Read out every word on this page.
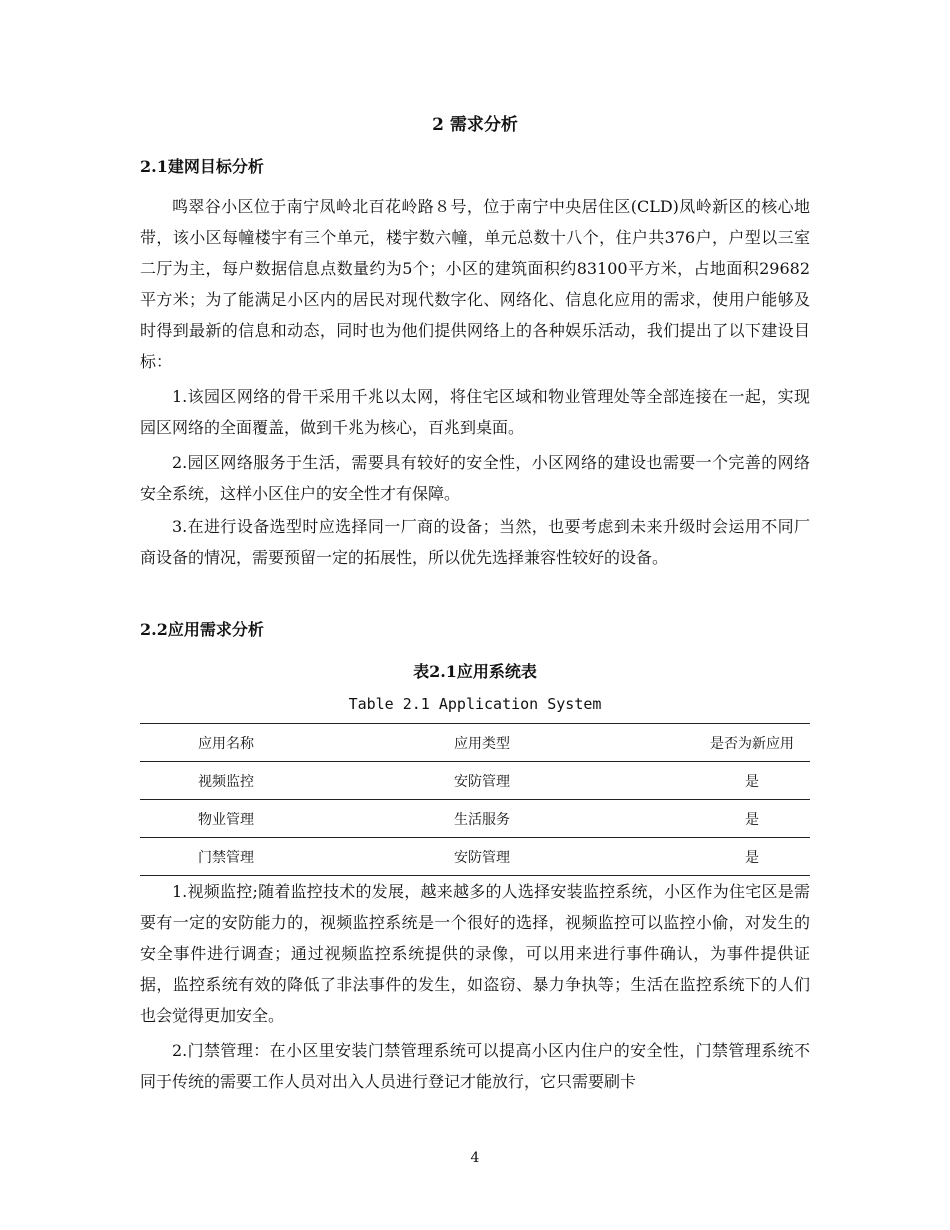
2 需求分析
2.1建网目标分析

鸣翠谷小区位于南宁凤岭北百花岭路８号，位于南宁中央居住区(CLD)凤岭新区的核心地带，该小区每幢楼宇有三个单元，楼宇数六幢，单元总数十八个，住户共376户，户型以三室二厅为主，每户数据信息点数量约为5个；小区的建筑面积约83100平方米，占地面积29682平方米；为了能满足小区内的居民对现代数字化、网络化、信息化应用的需求，使用户能够及时得到最新的信息和动态，同时也为他们提供网络上的各种娱乐活动，我们提出了以下建设目标：

1.该园区网络的骨干采用千兆以太网，将住宅区域和物业管理处等全部连接在一起，实现园区网络的全面覆盖，做到千兆为核心，百兆到桌面。

2.园区网络服务于生活，需要具有较好的安全性，小区网络的建设也需要一个完善的网络安全系统，这样小区住户的安全性才有保障。

3.在进行设备选型时应选择同一厂商的设备；当然，也要考虑到未来升级时会运用不同厂商设备的情况，需要预留一定的拓展性，所以优先选择兼容性较好的设备。

2.2应用需求分析
表2.1应用系统表
Table 2.1 Application System
应用名称	应用类型	是否为新应用
视频监控	安防管理	是
物业管理	生活服务	是
门禁管理	安防管理	是

1.视频监控;随着监控技术的发展，越来越多的人选择安装监控系统，小区作为住宅区是需要有一定的安防能力的，视频监控系统是一个很好的选择，视频监控可以监控小偷，对发生的安全事件进行调查；通过视频监控系统提供的录像，可以用来进行事件确认，为事件提供证据，监控系统有效的降低了非法事件的发生，如盗窃、暴力争执等；生活在监控系统下的人们也会觉得更加安全。

2.门禁管理：在小区里安装门禁管理系统可以提高小区内住户的安全性，门禁管理系统不同于传统的需要工作人员对出入人员进行登记才能放行，它只需要刷卡

4
